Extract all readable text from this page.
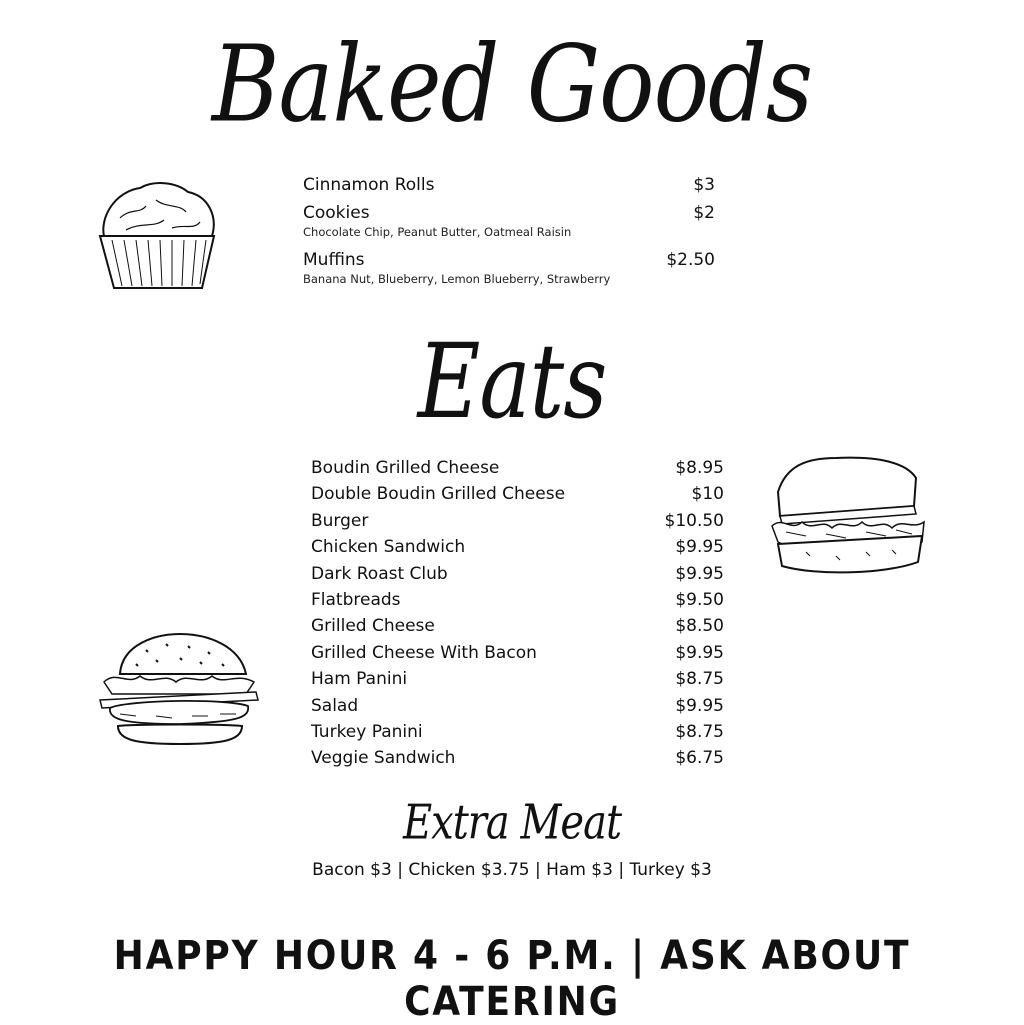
Baked Goods
Cinnamon Rolls	$3
Cookies	$2
Chocolate Chip, Peanut Butter, Oatmeal Raisin
Muffins	$2.50
Banana Nut, Blueberry, Lemon Blueberry, Strawberry
Eats
Boudin Grilled Cheese	$8.95
Double Boudin Grilled Cheese	$10
Burger	$10.50
Chicken Sandwich	$9.95
Dark Roast Club	$9.95
Flatbreads	$9.50
Grilled Cheese	$8.50
Grilled Cheese With Bacon	$9.95
Ham Panini	$8.75
Salad	$9.95
Turkey Panini	$8.75
Veggie Sandwich	$6.75
Extra Meat
Bacon $3 | Chicken $3.75 | Ham $3 | Turkey $3
HAPPY HOUR 4 - 6 P.M. | ASK ABOUT CATERING
